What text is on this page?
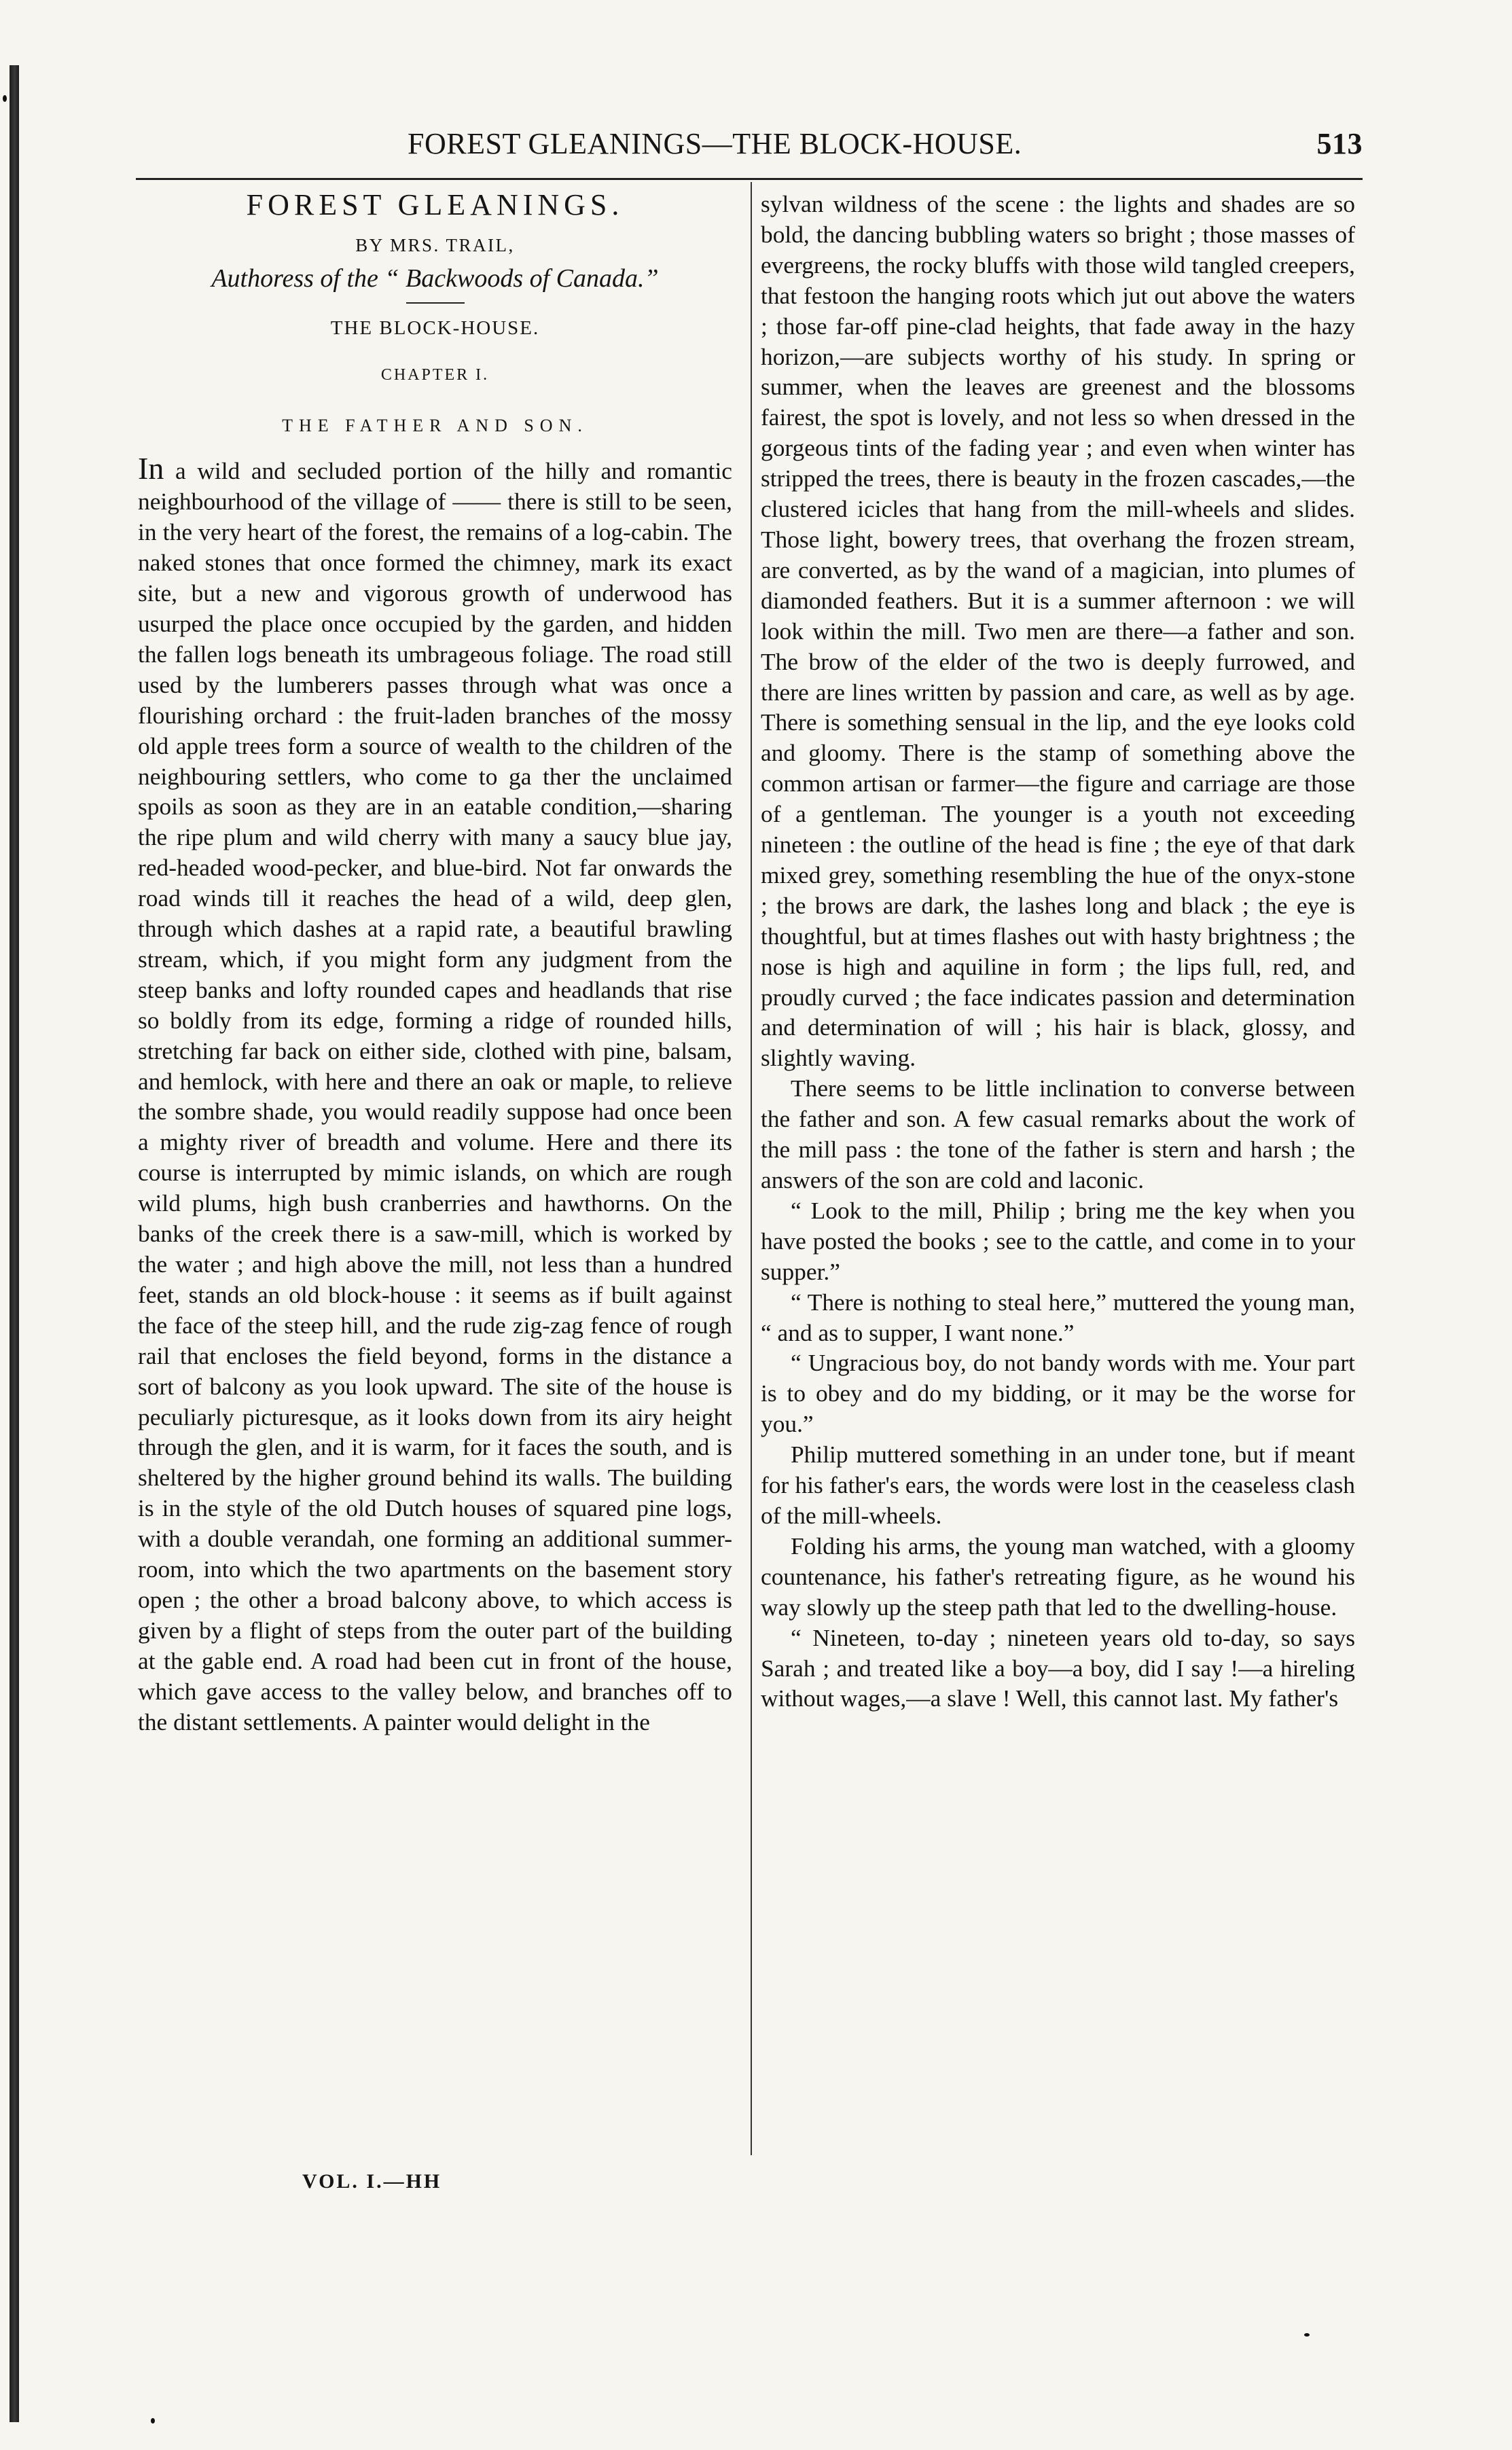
FOREST GLEANINGS—THE BLOCK-HOUSE.	513
FOREST GLEANINGS.
BY MRS. TRAIL,
Authoress of the “ Backwoods of Canada.”
THE BLOCK-HOUSE.
CHAPTER I.
THE FATHER AND SON.

In a wild and secluded portion of the hilly and romantic neighbourhood of the village of —— there is still to be seen, in the very heart of the forest, the remains of a log-cabin. The naked stones that once formed the chimney, mark its exact site, but a new and vigorous growth of underwood has usurped the place once occupied by the garden, and hidden the fallen logs beneath its umbrageous foliage. The road still used by the lumberers passes through what was once a flourishing orchard : the fruit-laden branches of the mossy old apple trees form a source of wealth to the children of the neighbouring settlers, who come to ga ther the unclaimed spoils as soon as they are in an eatable condition,—sharing the ripe plum and wild cherry with many a saucy blue jay, red-headed wood-pecker, and blue-bird. Not far onwards the road winds till it reaches the head of a wild, deep glen, through which dashes at a rapid rate, a beautiful brawling stream, which, if you might form any judgment from the steep banks and lofty rounded capes and headlands that rise so boldly from its edge, forming a ridge of rounded hills, stretching far back on either side, clothed with pine, balsam, and hemlock, with here and there an oak or maple, to relieve the sombre shade, you would readily suppose had once been a mighty river of breadth and volume. Here and there its course is interrupted by mimic islands, on which are rough wild plums, high bush cranberries and hawthorns. On the banks of the creek there is a saw-mill, which is worked by the water ; and high above the mill, not less than a hundred feet, stands an old block-house : it seems as if built against the face of the steep hill, and the rude zig-zag fence of rough rail that encloses the field beyond, forms in the distance a sort of balcony as you look upward. The site of the house is peculiarly picturesque, as it looks down from its airy height through the glen, and it is warm, for it faces the south, and is sheltered by the higher ground behind its walls. The building is in the style of the old Dutch houses of squared pine logs, with a double verandah, one forming an additional summer-room, into which the two apartments on the basement story open ; the other a broad balcony above, to which access is given by a flight of steps from the outer part of the building at the gable end. A road had been cut in front of the house, which gave access to the valley below, and branches off to the distant settlements. A painter would delight in the

sylvan wildness of the scene : the lights and shades are so bold, the dancing bubbling waters so bright ; those masses of evergreens, the rocky bluffs with those wild tangled creepers, that festoon the hanging roots which jut out above the waters ; those far-off pine-clad heights, that fade away in the hazy horizon,—are subjects worthy of his study. In spring or summer, when the leaves are greenest and the blossoms fairest, the spot is lovely, and not less so when dressed in the gorgeous tints of the fading year ; and even when winter has stripped the trees, there is beauty in the frozen cascades,—the clustered icicles that hang from the mill-wheels and slides. Those light, bowery trees, that overhang the frozen stream, are converted, as by the wand of a magician, into plumes of diamonded feathers. But it is a summer afternoon : we will look within the mill. Two men are there—a father and son. The brow of the elder of the two is deeply furrowed, and there are lines written by passion and care, as well as by age. There is something sensual in the lip, and the eye looks cold and gloomy. There is the stamp of something above the common artisan or farmer—the figure and carriage are those of a gentleman. The younger is a youth not exceeding nineteen : the outline of the head is fine ; the eye of that dark mixed grey, something resembling the hue of the onyx-stone ; the brows are dark, the lashes long and black ; the eye is thoughtful, but at times flashes out with hasty brightness ; the nose is high and aquiline in form ; the lips full, red, and proudly curved ; the face indicates passion and determination and determination of will ; his hair is black, glossy, and slightly waving.

There seems to be little inclination to converse between the father and son. A few casual remarks about the work of the mill pass : the tone of the father is stern and harsh ; the answers of the son are cold and laconic.

“ Look to the mill, Philip ; bring me the key when you have posted the books ; see to the cattle, and come in to your supper.”

“ There is nothing to steal here,” muttered the young man, “ and as to supper, I want none.”

“ Ungracious boy, do not bandy words with me. Your part is to obey and do my bidding, or it may be the worse for you.”

Philip muttered something in an under tone, but if meant for his father's ears, the words were lost in the ceaseless clash of the mill-wheels.

Folding his arms, the young man watched, with a gloomy countenance, his father's retreating figure, as he wound his way slowly up the steep path that led to the dwelling-house.

“ Nineteen, to-day ; nineteen years old to-day, so says Sarah ; and treated like a boy—a boy, did I say !—a hireling without wages,—a slave ! Well, this cannot last. My father's

VOL. I.—HH
